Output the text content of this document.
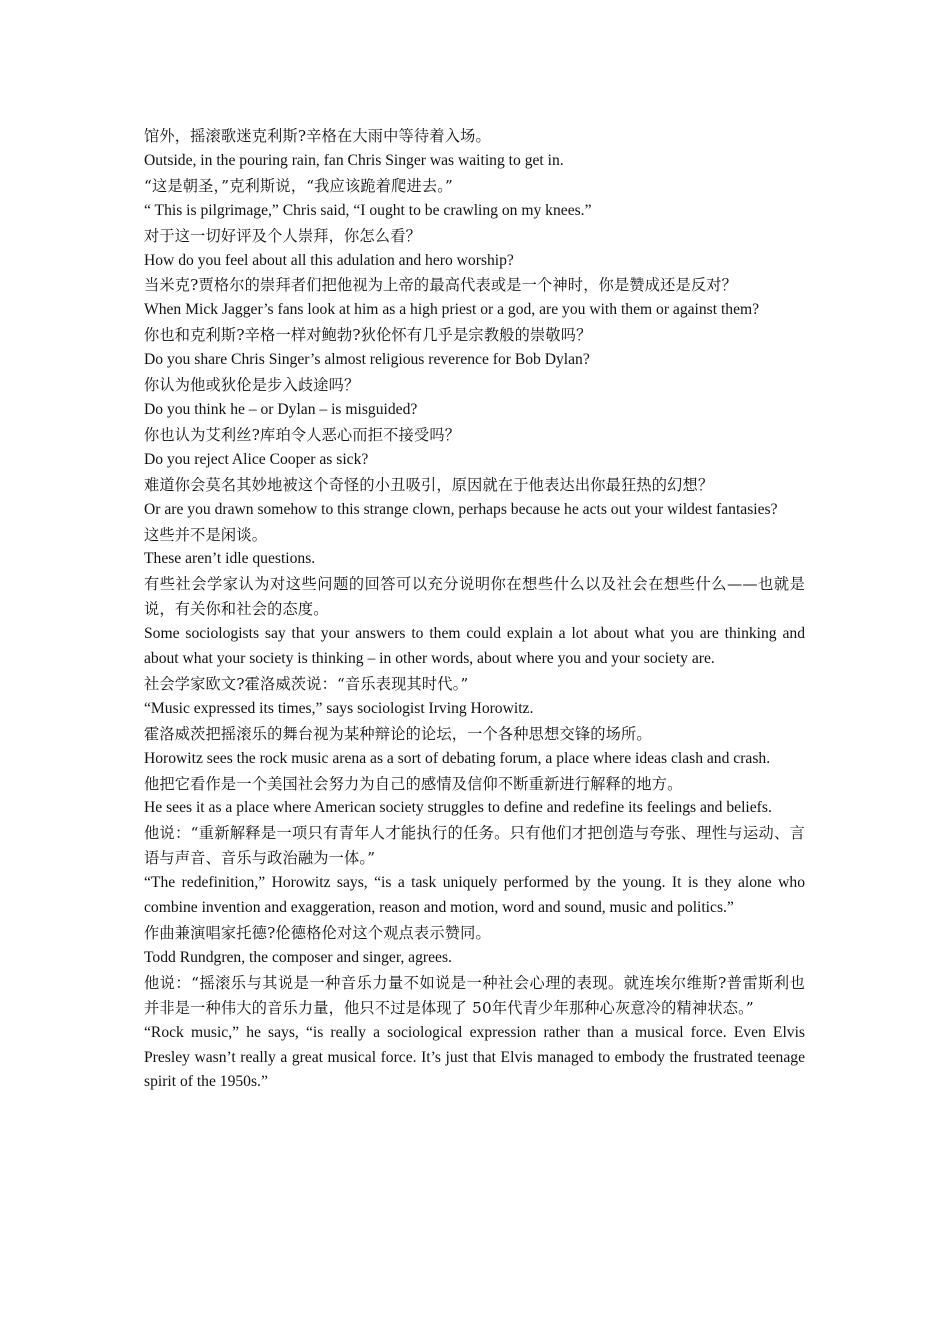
馆外，摇滚歌迷克利斯?辛格在大雨中等待着入场。

Outside, in the pouring rain, fan Chris Singer was waiting to get in.

“这是朝圣，”克利斯说，“我应该跪着爬进去。”

“ This is pilgrimage,” Chris said, “I ought to be crawling on my knees.”

对于这一切好评及个人崇拜，你怎么看？

How do you feel about all this adulation and hero worship?

当米克?贾格尔的崇拜者们把他视为上帝的最高代表或是一个神时，你是赞成还是反对？

When Mick Jagger’s fans look at him as a high priest or a god, are you with them or against them?

你也和克利斯?辛格一样对鲍勃?狄伦怀有几乎是宗教般的崇敬吗？

Do you share Chris Singer’s almost religious reverence for Bob Dylan?

你认为他或狄伦是步入歧途吗？

Do you think he – or Dylan – is misguided?

你也认为艾利丝?库珀令人恶心而拒不接受吗？

Do you reject Alice Cooper as sick?

难道你会莫名其妙地被这个奇怪的小丑吸引，原因就在于他表达出你最狂热的幻想？

Or are you drawn somehow to this strange clown, perhaps because he acts out your wildest fantasies?

这些并不是闲谈。

These aren’t idle questions.

有些社会学家认为对这些问题的回答可以充分说明你在想些什么以及社会在想些什么——也就是说，有关你和社会的态度。

Some sociologists say that your answers to them could explain a lot about what you are thinking and about what your society is thinking – in other words, about where you and your society are.

社会学家欧文?霍洛威茨说：“音乐表现其时代。”

“Music expressed its times,” says sociologist Irving Horowitz.

霍洛威茨把摇滚乐的舞台视为某种辩论的论坛，一个各种思想交锋的场所。

Horowitz sees the rock music arena as a sort of debating forum, a place where ideas clash and crash.

他把它看作是一个美国社会努力为自己的感情及信仰不断重新进行解释的地方。

He sees it as a place where American society struggles to define and redefine its feelings and beliefs.

他说：“重新解释是一项只有青年人才能执行的任务。只有他们才把创造与夸张、理性与运动、言语与声音、音乐与政治融为一体。”

“The redefinition,” Horowitz says, “is a task uniquely performed by the young. It is they alone who combine invention and exaggeration, reason and motion, word and sound, music and politics.”

作曲兼演唱家托德?伦德格伦对这个观点表示赞同。

Todd Rundgren, the composer and singer, agrees.

他说：“摇滚乐与其说是一种音乐力量不如说是一种社会心理的表现。就连埃尔维斯?普雷斯利也并非是一种伟大的音乐力量，他只不过是体现了 50年代青少年那种心灰意冷的精神状态。”

“Rock music,” he says, “is really a sociological expression rather than a musical force. Even Elvis Presley wasn’t really a great musical force. It’s just that Elvis managed to embody the frustrated teenage spirit of the 1950s.”
